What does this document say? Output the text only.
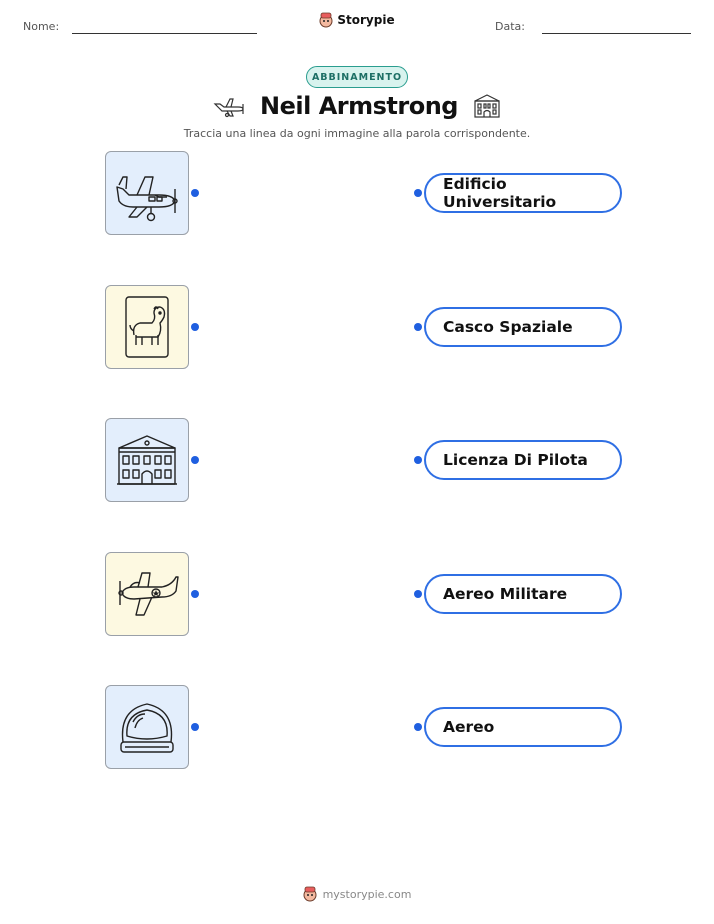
Nome:	Storypie	Data:
ABBINAMENTO
Neil Armstrong
Traccia una linea da ogni immagine alla parola corrispondente.
Edificio Universitario
Casco Spaziale
Licenza Di Pilota
Aereo Militare
Aereo
mystorypie.com
